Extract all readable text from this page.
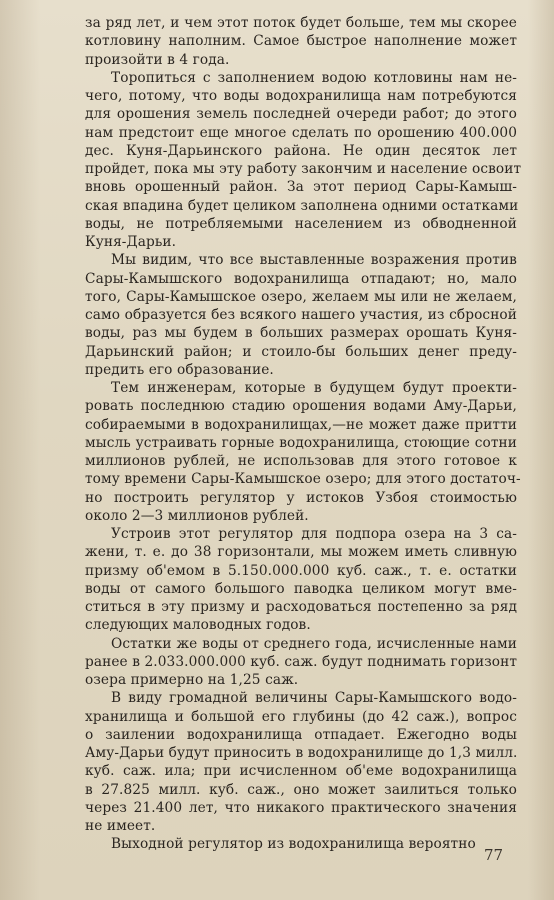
за ряд лет, и чем этот поток будет больше, тем мы скорее
котловину наполним. Самое быстрое наполнение может
произойти в 4 года.
Торопиться с заполнением водою котловины нам не-
чего, потому, что воды водохранилища нам потребуются
для орошения земель последней очереди работ; до этого
нам предстоит еще многое сделать по орошению 400.000
дес. Куня-Дарьинского района. Не один десяток лет
пройдет, пока мы эту работу закончим и население освоит
вновь орошенный район. За этот период Сары-Камыш-
ская впадина будет целиком заполнена одними остатками
воды, не потребляемыми населением из обводненной
Куня-Дарьи.
Мы видим, что все выставленные возражения против
Сары-Камышского водохранилища отпадают; но, мало
того, Сары-Камышское озеро, желаем мы или не желаем,
само образуется без всякого нашего участия, из сбросной
воды, раз мы будем в больших размерах орошать Куня-
Дарьинский район; и стоило-бы больших денег преду-
предить его образование.
Тем инженерам, которые в будущем будут проекти-
ровать последнюю стадию орошения водами Аму-Дарьи,
собираемыми в водохранилищах,—не может даже притти
мысль устраивать горные водохранилища, стоющие сотни
миллионов рублей, не использовав для этого готовое к
тому времени Сары-Камышское озеро; для этого достаточ-
но построить регулятор у истоков Узбоя стоимостью
около 2—3 миллионов рублей.
Устроив этот регулятор для подпора озера на 3 са-
жени, т. е. до 38 горизонтали, мы можем иметь сливную
призму об'емом в 5.150.000.000 куб. саж., т. е. остатки
воды от самого большого паводка целиком могут вме-
ститься в эту призму и расходоваться постепенно за ряд
следующих маловодных годов.
Остатки же воды от среднего года, исчисленные нами
ранее в 2.033.000.000 куб. саж. будут поднимать горизонт
озера примерно на 1,25 саж.
В виду громадной величины Сары-Камышского водо-
хранилища и большой его глубины (до 42 саж.), вопрос
о заилении водохранилища отпадает. Ежегодно воды
Аму-Дарьи будут приносить в водохранилище до 1,3 милл.
куб. саж. ила; при исчисленном об'еме водохранилища
в 27.825 милл. куб. саж., оно может заилиться только
через 21.400 лет, что никакого практического значения
не имеет.
Выходной регулятор из водохранилища вероятно
77
